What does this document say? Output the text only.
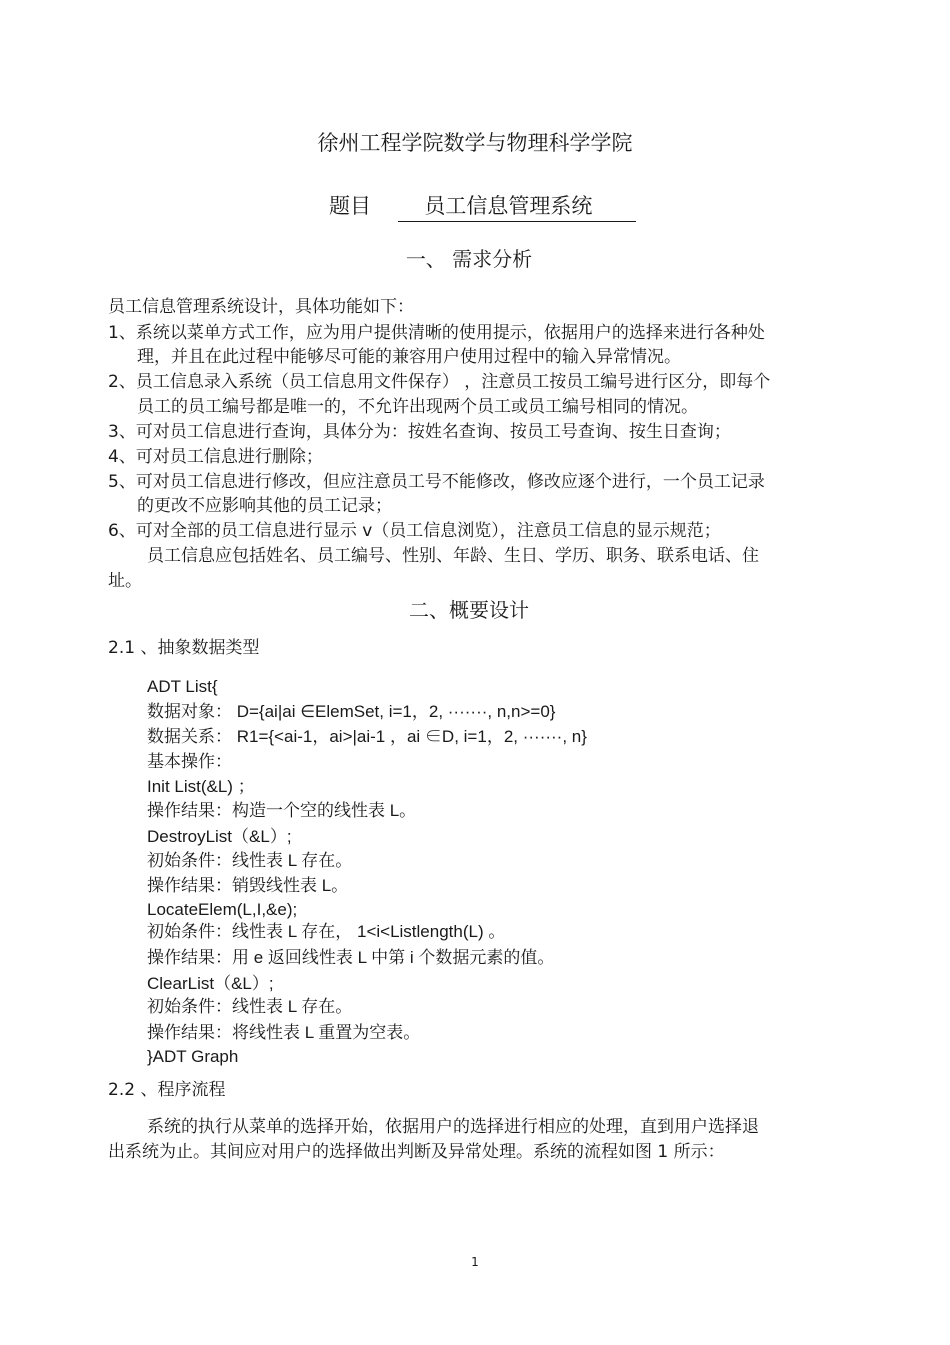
徐州工程学院数学与物理科学学院
题目	员工信息管理系统
一、 需求分析
员工信息管理系统设计，具体功能如下：
1、系统以菜单方式工作，应为用户提供清晰的使用提示，依据用户的选择来进行各种处
理，并且在此过程中能够尽可能的兼容用户使用过程中的输入异常情况。
2、员工信息录入系统（员工信息用文件保存） ，注意员工按员工编号进行区分，即每个
员工的员工编号都是唯一的，不允许出现两个员工或员工编号相同的情况。
3、可对员工信息进行查询，具体分为：按姓名查询、按员工号查询、按生日查询；
4、可对员工信息进行删除；
5、可对员工信息进行修改，但应注意员工号不能修改，修改应逐个进行，一个员工记录
的更改不应影响其他的员工记录；
6、可对全部的员工信息进行显示 v（员工信息浏览），注意员工信息的显示规范；
员工信息应包括姓名、员工编号、性别、年龄、生日、学历、职务、联系电话、住
址。
二、概要设计
2.1 、抽象数据类型
ADT List{
数据对象： D={ai|ai ∈ElemSet, i=1，2, ·······, n,n>=0}
数据关系： R1={<ai-1，ai>|ai-1 ，ai ∈D, i=1，2, ·······, n}
基本操作：
Init List(&L) ；
操作结果：构造一个空的线性表 L。
DestroyList（&L）;
初始条件：线性表 L 存在。
操作结果：销毁线性表 L。
LocateElem(L,I,&e);
初始条件：线性表 L 存在， 1<i<Listlength(L) 。
操作结果：用 e 返回线性表 L 中第 i 个数据元素的值。
ClearList（&L）;
初始条件：线性表 L 存在。
操作结果：将线性表 L 重置为空表。
}ADT Graph
2.2 、程序流程
系统的执行从菜单的选择开始，依据用户的选择进行相应的处理，直到用户选择退
出系统为止。其间应对用户的选择做出判断及异常处理。系统的流程如图 1 所示：
1
